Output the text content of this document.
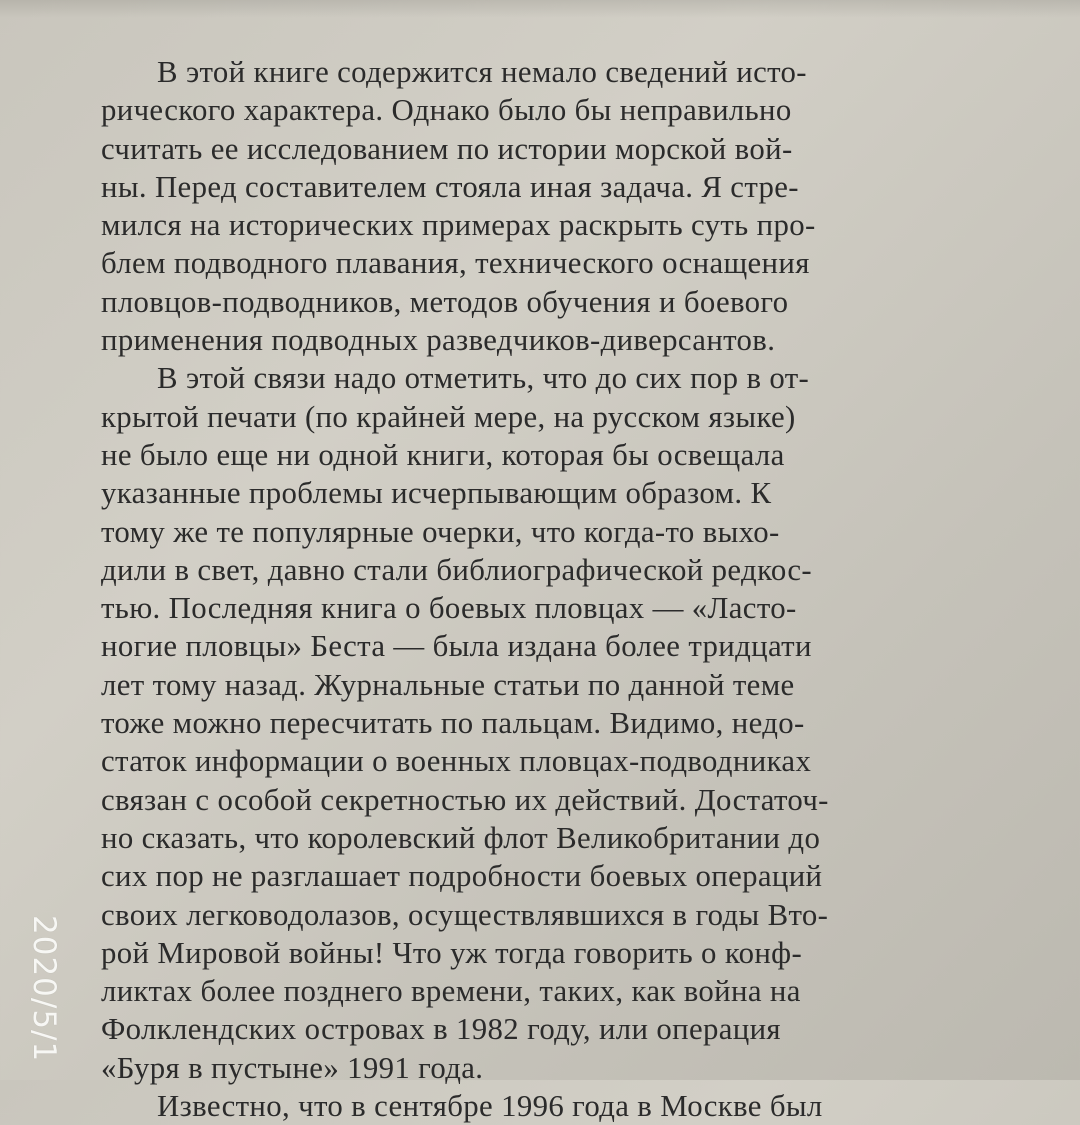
В этой книге содержится немало сведений исто-
рического характера. Однако было бы неправильно
считать ее исследованием по истории морской вой-
ны. Перед составителем стояла иная задача. Я стре-
мился на исторических примерах раскрыть суть про-
блем подводного плавания, технического оснащения
пловцов-подводников, методов обучения и боевого
применения подводных разведчиков-диверсантов.
В этой связи надо отметить, что до сих пор в от-
крытой печати (по крайней мере, на русском языке)
не было еще ни одной книги, которая бы освещала
указанные проблемы исчерпывающим образом. К
тому же те популярные очерки, что когда-то выхо-
дили в свет, давно стали библиографической редкос-
тью. Последняя книга о боевых пловцах — «Ласто-
ногие пловцы» Беста — была издана более тридцати
лет тому назад. Журнальные статьи по данной теме
тоже можно пересчитать по пальцам. Видимо, недо-
статок информации о военных пловцах-подводниках
связан с особой секретностью их действий. Достаточ-
но сказать, что королевский флот Великобритании до
сих пор не разглашает подробности боевых операций
своих легководолазов, осуществлявшихся в годы Вто-
рой Мировой войны! Что уж тогда говорить о конф-
ликтах более позднего времени, таких, как война на
Фолклендских островах в 1982 году, или операция
«Буря в пустыне» 1991 года.
Известно, что в сентябре 1996 года в Москве был
2020/5/1
